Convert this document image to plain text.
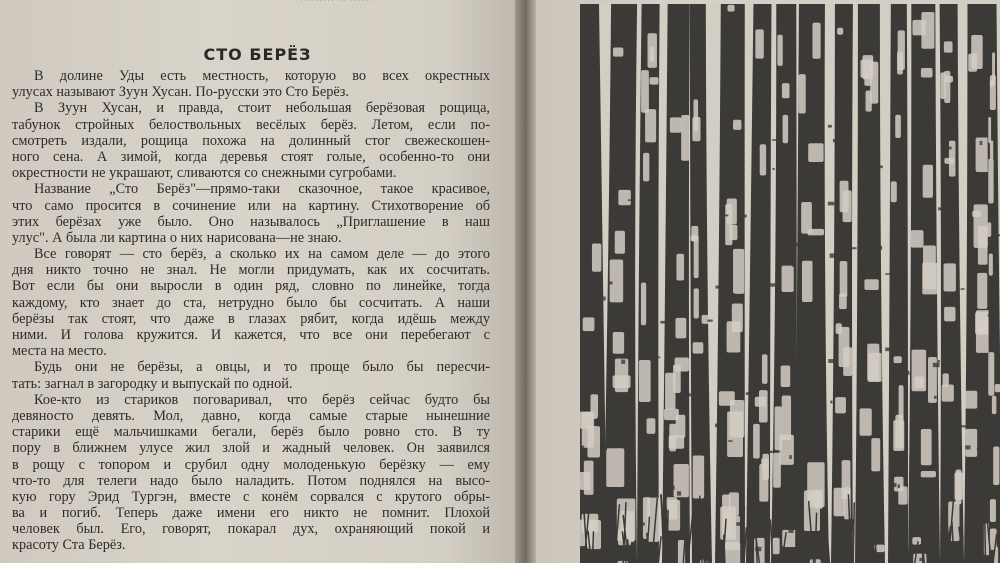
········· ·· ······
СТО БЕРЁЗ
В долине Уды есть местность, которую во всех окрестных
улусах называют Зуун Хусан. По-русски это Сто Берёз.
В Зуун Хусан, и правда, стоит небольшая берёзовая рощица,
табунок стройных белоствольных весёлых берёз. Летом, если по-
смотреть издали, рощица похожа на долинный стог свежескошен-
ного сена. А зимой, когда деревья стоят голые, особенно-то они
окрестности не украшают, сливаются со снежными сугробами.
Название „Сто Берёз"—прямо-таки сказочное, такое красивое,
что само просится в сочинение или на картину. Стихотворение об
этих берёзах уже было. Оно называлось „Приглашение в наш
улус". А была ли картина о них нарисована—не знаю.
Все говорят — сто берёз, а сколько их на самом деле — до этого
дня никто точно не знал. Не могли придумать, как их сосчитать.
Вот если бы они выросли в один ряд, словно по линейке, тогда
каждому, кто знает до ста, нетрудно было бы сосчитать. А наши
берёзы так стоят, что даже в глазах рябит, когда идёшь между
ними. И голова кружится. И кажется, что все они перебегают с
места на место.
Будь они не берёзы, а овцы, и то проще было бы пересчи-
тать: загнал в загородку и выпускай по одной.
Кое-кто из стариков поговаривал, что берёз сейчас будто бы
девяносто девять. Мол, давно, когда самые старые нынешние
старики ещё мальчишками бегали, берёз было ровно сто. В ту
пору в ближнем улусе жил злой и жадный человек. Он заявился
в рощу с топором и срубил одну молоденькую берёзку — ему
что-то для телеги надо было наладить. Потом поднялся на высо-
кую гору Эрид Тургэн, вместе с конём сорвался с крутого обры-
ва и погиб. Теперь даже имени его никто не помнит. Плохой
человек был. Его, говорят, покарал дух, охраняющий покой и
красоту Ста Берёз.
